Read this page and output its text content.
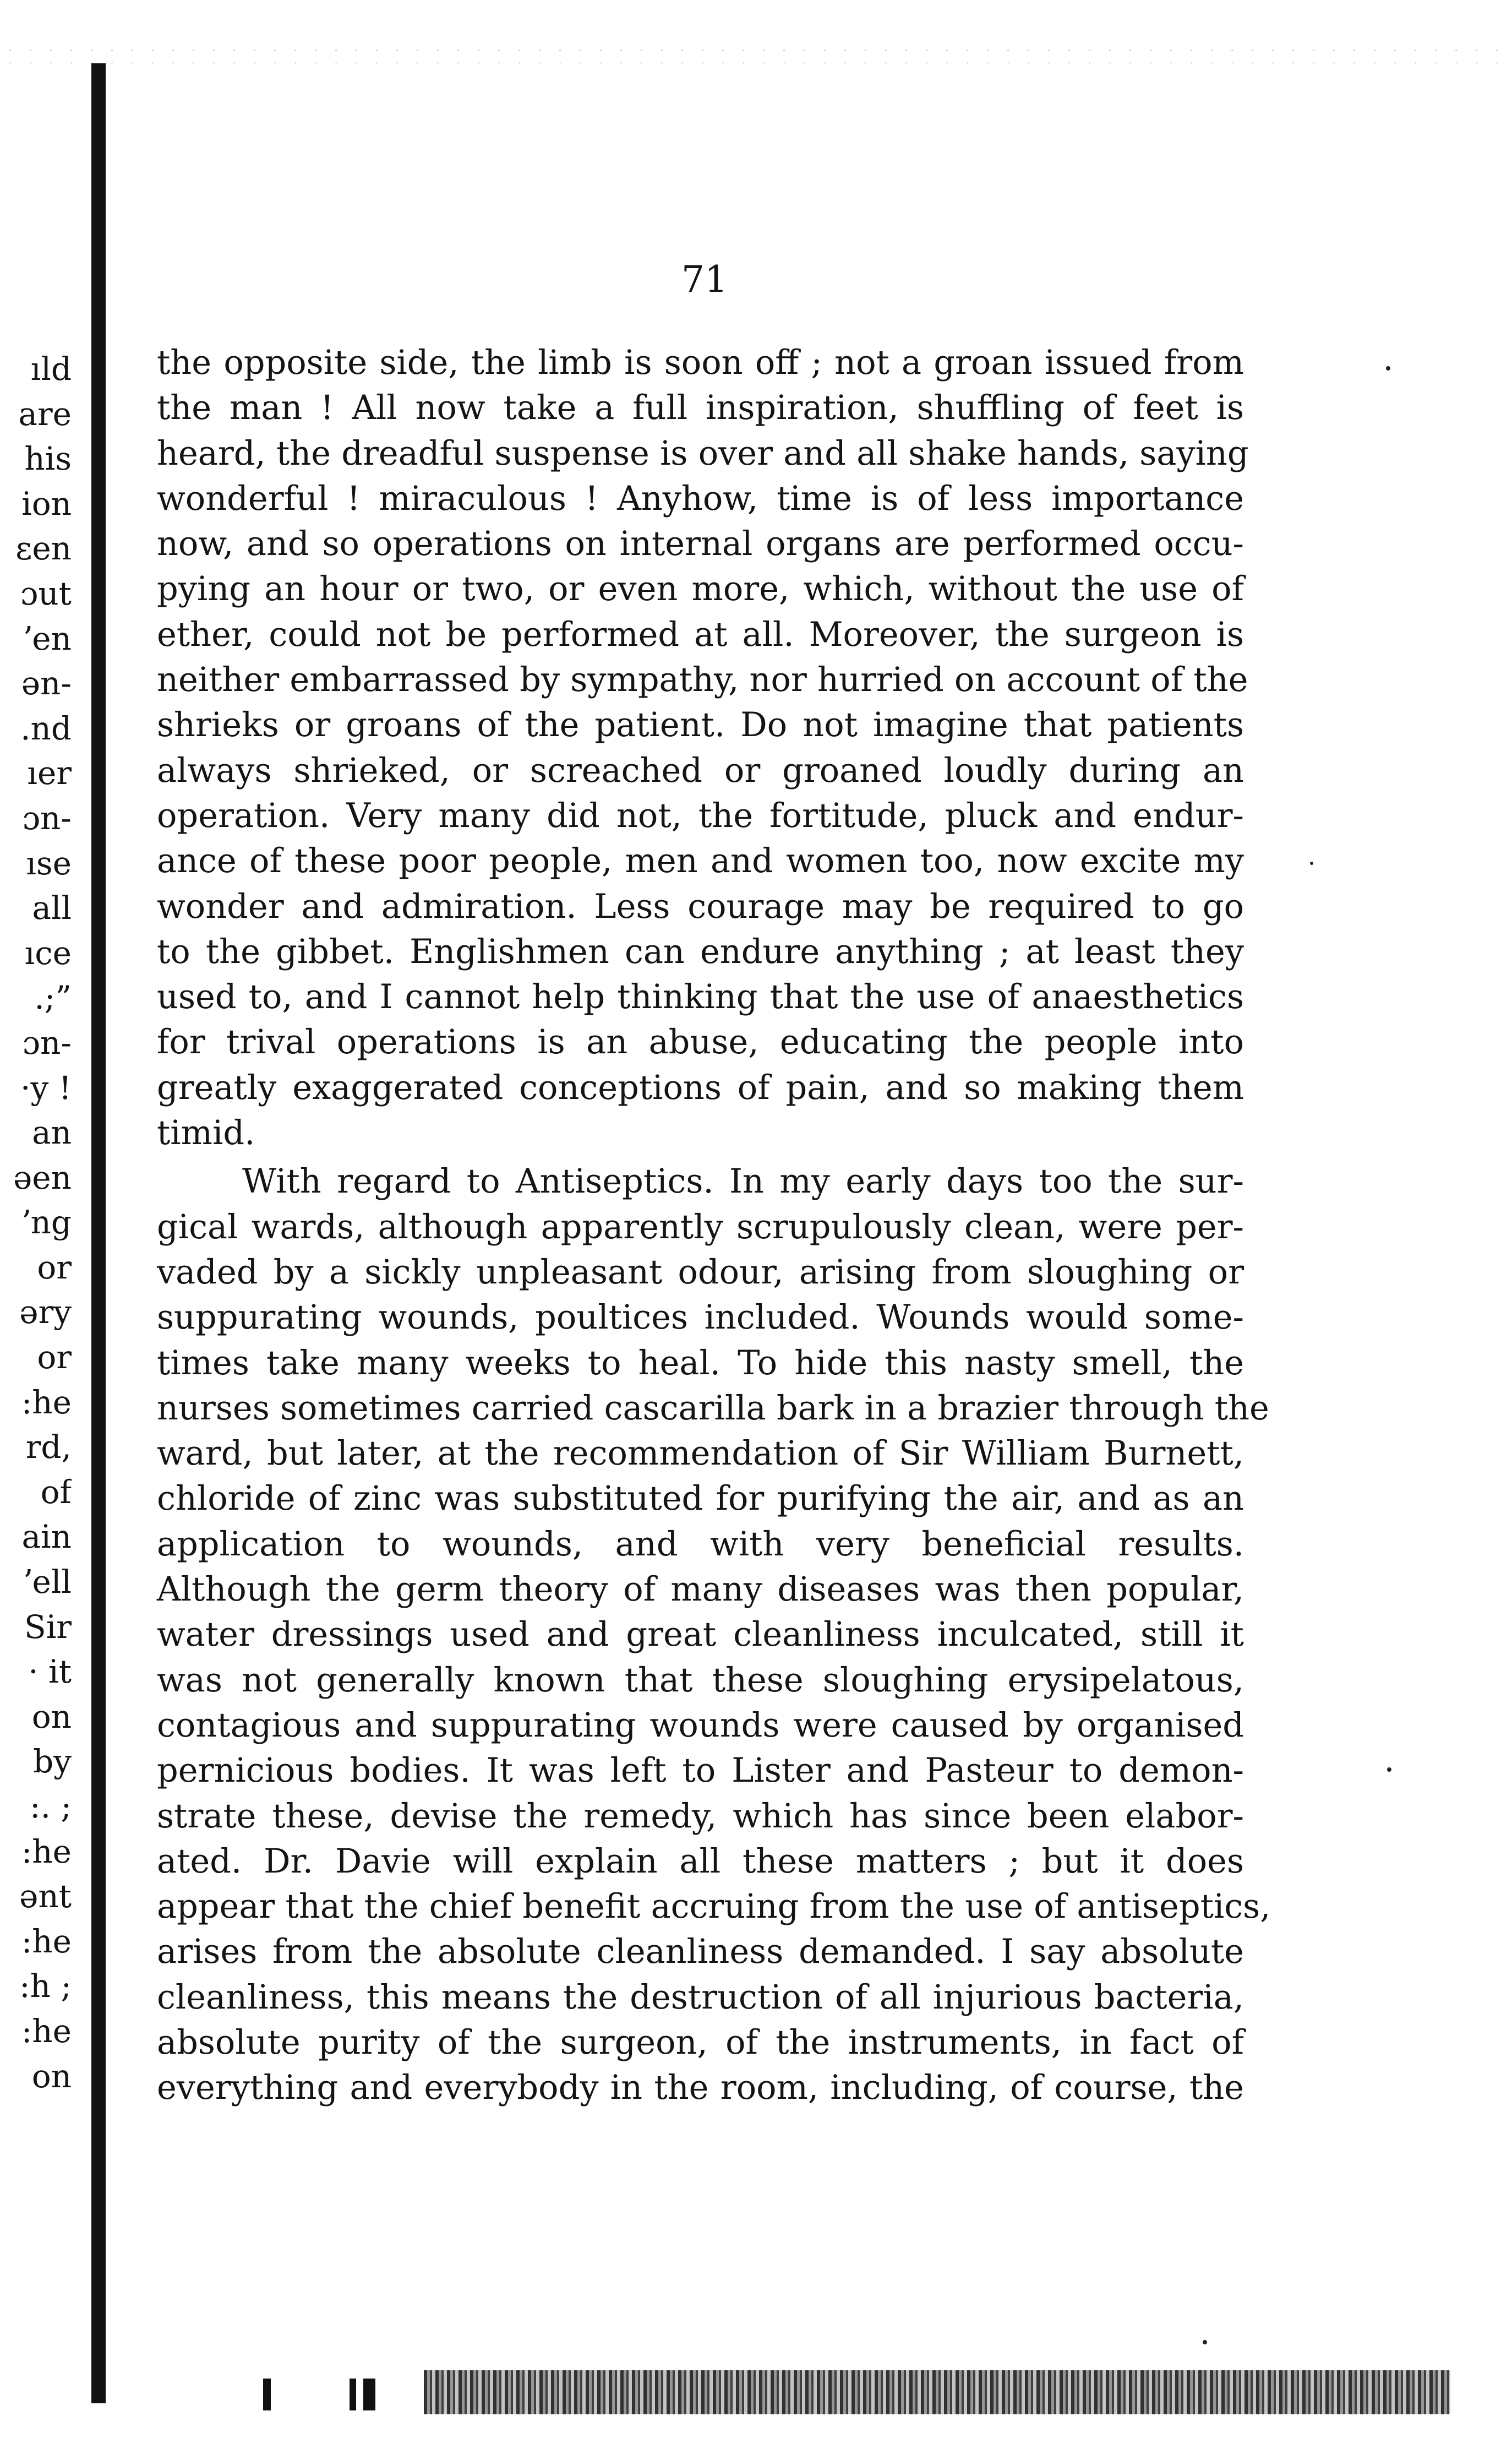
ıld
are
his
ion
ɛen
ɔut
ʼen
ən-
.nd
ıer
ɔn-
ıse
all
ıce
.;”
ɔn-
·y !
an
əen
ʼng
or
əry
or
:he
rd,
of
ain
ʼell
Sir
· it
on
by
:. ;
:he
ənt
:he
:h ;
:he
on
71
the opposite side, the limb is soon off ; not a groan issued from
the man ! All now take a full inspiration, shuffling of feet is
heard, the dreadful suspense is over and all shake hands, saying
wonderful ! miraculous ! Anyhow, time is of less importance
now, and so operations on internal organs are performed occu-
pying an hour or two, or even more, which, without the use of
ether, could not be performed at all. Moreover, the surgeon is
neither embarrassed by sympathy, nor hurried on account of the
shrieks or groans of the patient. Do not imagine that patients
always shrieked, or screached or groaned loudly during an
operation. Very many did not, the fortitude, pluck and endur-
ance of these poor people, men and women too, now excite my
wonder and admiration. Less courage may be required to go
to the gibbet. Englishmen can endure anything ; at least they
used to, and I cannot help thinking that the use of anaesthetics
for trival operations is an abuse, educating the people into
greatly exaggerated conceptions of pain, and so making them
timid.
With regard to Antiseptics. In my early days too the sur-
gical wards, although apparently scrupulously clean, were per-
vaded by a sickly unpleasant odour, arising from sloughing or
suppurating wounds, poultices included. Wounds would some-
times take many weeks to heal. To hide this nasty smell, the
nurses sometimes carried cascarilla bark in a brazier through the
ward, but later, at the recommendation of Sir William Burnett,
chloride of zinc was substituted for purifying the air, and as an
application to wounds, and with very beneficial results.
Although the germ theory of many diseases was then popular,
water dressings used and great cleanliness inculcated, still it
was not generally known that these sloughing erysipelatous,
contagious and suppurating wounds were caused by organised
pernicious bodies. It was left to Lister and Pasteur to demon-
strate these, devise the remedy, which has since been elabor-
ated. Dr. Davie will explain all these matters ; but it does
appear that the chief benefit accruing from the use of antiseptics,
arises from the absolute cleanliness demanded. I say absolute
cleanliness, this means the destruction of all injurious bacteria,
absolute purity of the surgeon, of the instruments, in fact of
everything and everybody in the room, including, of course, the
